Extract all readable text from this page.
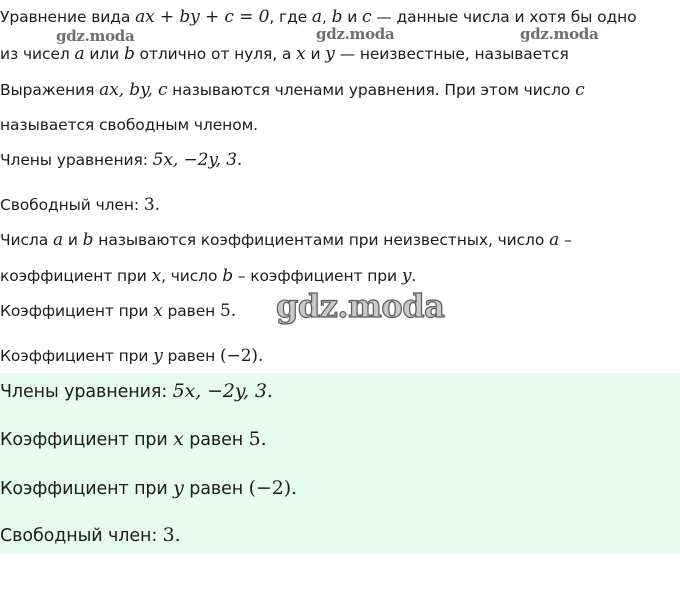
Уравнение вида ax + by + c = 0, где a, b и c — данные числа и хотя бы одно
gdz.moda	gdz.moda	gdz.moda
из чисел a или b отлично от нуля, а x и y — неизвестные, называется
Выражения ax, by, c называются членами уравнения. При этом число c
называется свободным членом.
Члены уравнения: 5x, −2y, 3.
Свободный член: 3.
Числа a и b называются коэффициентами при неизвестных, число a –
коэффициент при x, число b – коэффициент при y.
Коэффициент при x равен 5. gdz.moda
Коэффициент при y равен (−2).
Члены уравнения: 5x, −2y, 3.
Коэффициент при x равен 5.
Коэффициент при y равен (−2).
Свободный член: 3.
